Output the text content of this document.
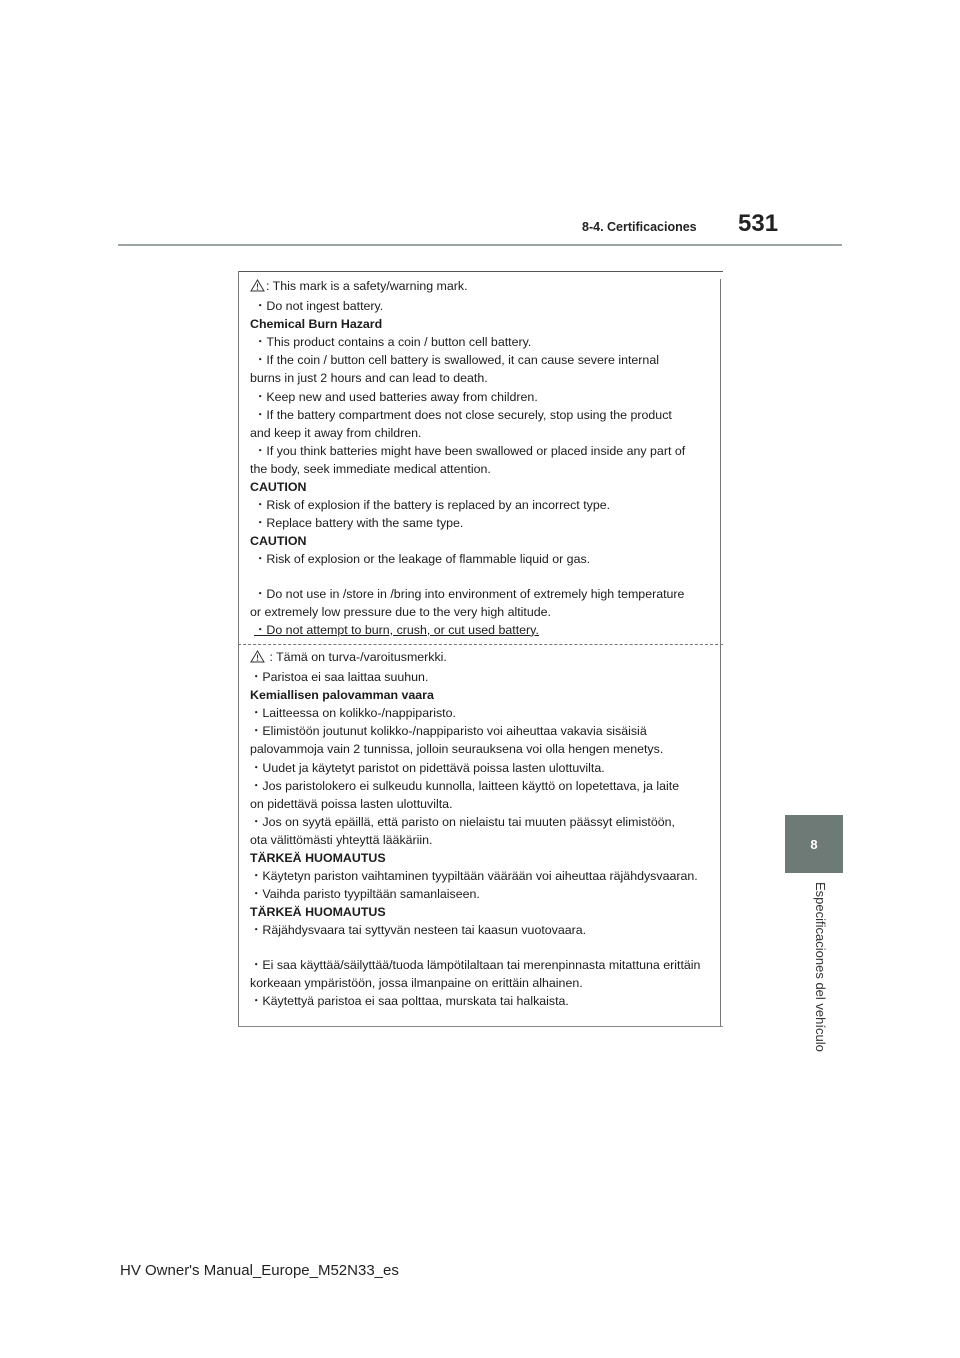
8-4. Certificaciones 531
8
Especificaciones del vehículo

: This mark is a safety/warning mark.

・Do not ingest battery.

Chemical Burn Hazard

・This product contains a coin / button cell battery.

・If the coin / button cell battery is swallowed, it can cause severe internal

burns in just 2 hours and can lead to death.

・Keep new and used batteries away from children.

・If the battery compartment does not close securely, stop using the product

and keep it away from children.

・If you think batteries might have been swallowed or placed inside any part of

the body, seek immediate medical attention.

CAUTION

・Risk of explosion if the battery is replaced by an incorrect type.

・Replace battery with the same type.

CAUTION

・Risk of explosion or the leakage of flammable liquid or gas.

・Do not use in /store in /bring into environment of extremely high temperature

or extremely low pressure due to the very high altitude.

・Do not attempt to burn, crush, or cut used battery.

: Tämä on turva-/varoitusmerkki.

・Paristoa ei saa laittaa suuhun.

Kemiallisen palovamman vaara

・Laitteessa on kolikko-/nappiparisto.

・Elimistöön joutunut kolikko-/nappiparisto voi aiheuttaa vakavia sisäisiä

palovammoja vain 2 tunnissa, jolloin seurauksena voi olla hengen menetys.

・Uudet ja käytetyt paristot on pidettävä poissa lasten ulottuvilta.

・Jos paristolokero ei sulkeudu kunnolla, laitteen käyttö on lopetettava, ja laite

on pidettävä poissa lasten ulottuvilta.

・Jos on syytä epäillä, että paristo on nielaistu tai muuten päässyt elimistöön,

ota välittömästi yhteyttä lääkäriin.

TÄRKEÄ HUOMAUTUS

・Käytetyn pariston vaihtaminen tyypiltään väärään voi aiheuttaa räjähdysvaaran.

・Vaihda paristo tyypiltään samanlaiseen.

TÄRKEÄ HUOMAUTUS

・Räjähdysvaara tai syttyvän nesteen tai kaasun vuotovaara.

・Ei saa käyttää/säilyttää/tuoda lämpötilaltaan tai merenpinnasta mitattuna erittäin

korkeaan ympäristöön, jossa ilmanpaine on erittäin alhainen.

・Käytettyä paristoa ei saa polttaa, murskata tai halkaista.

HV Owner's Manual_Europe_M52N33_es
